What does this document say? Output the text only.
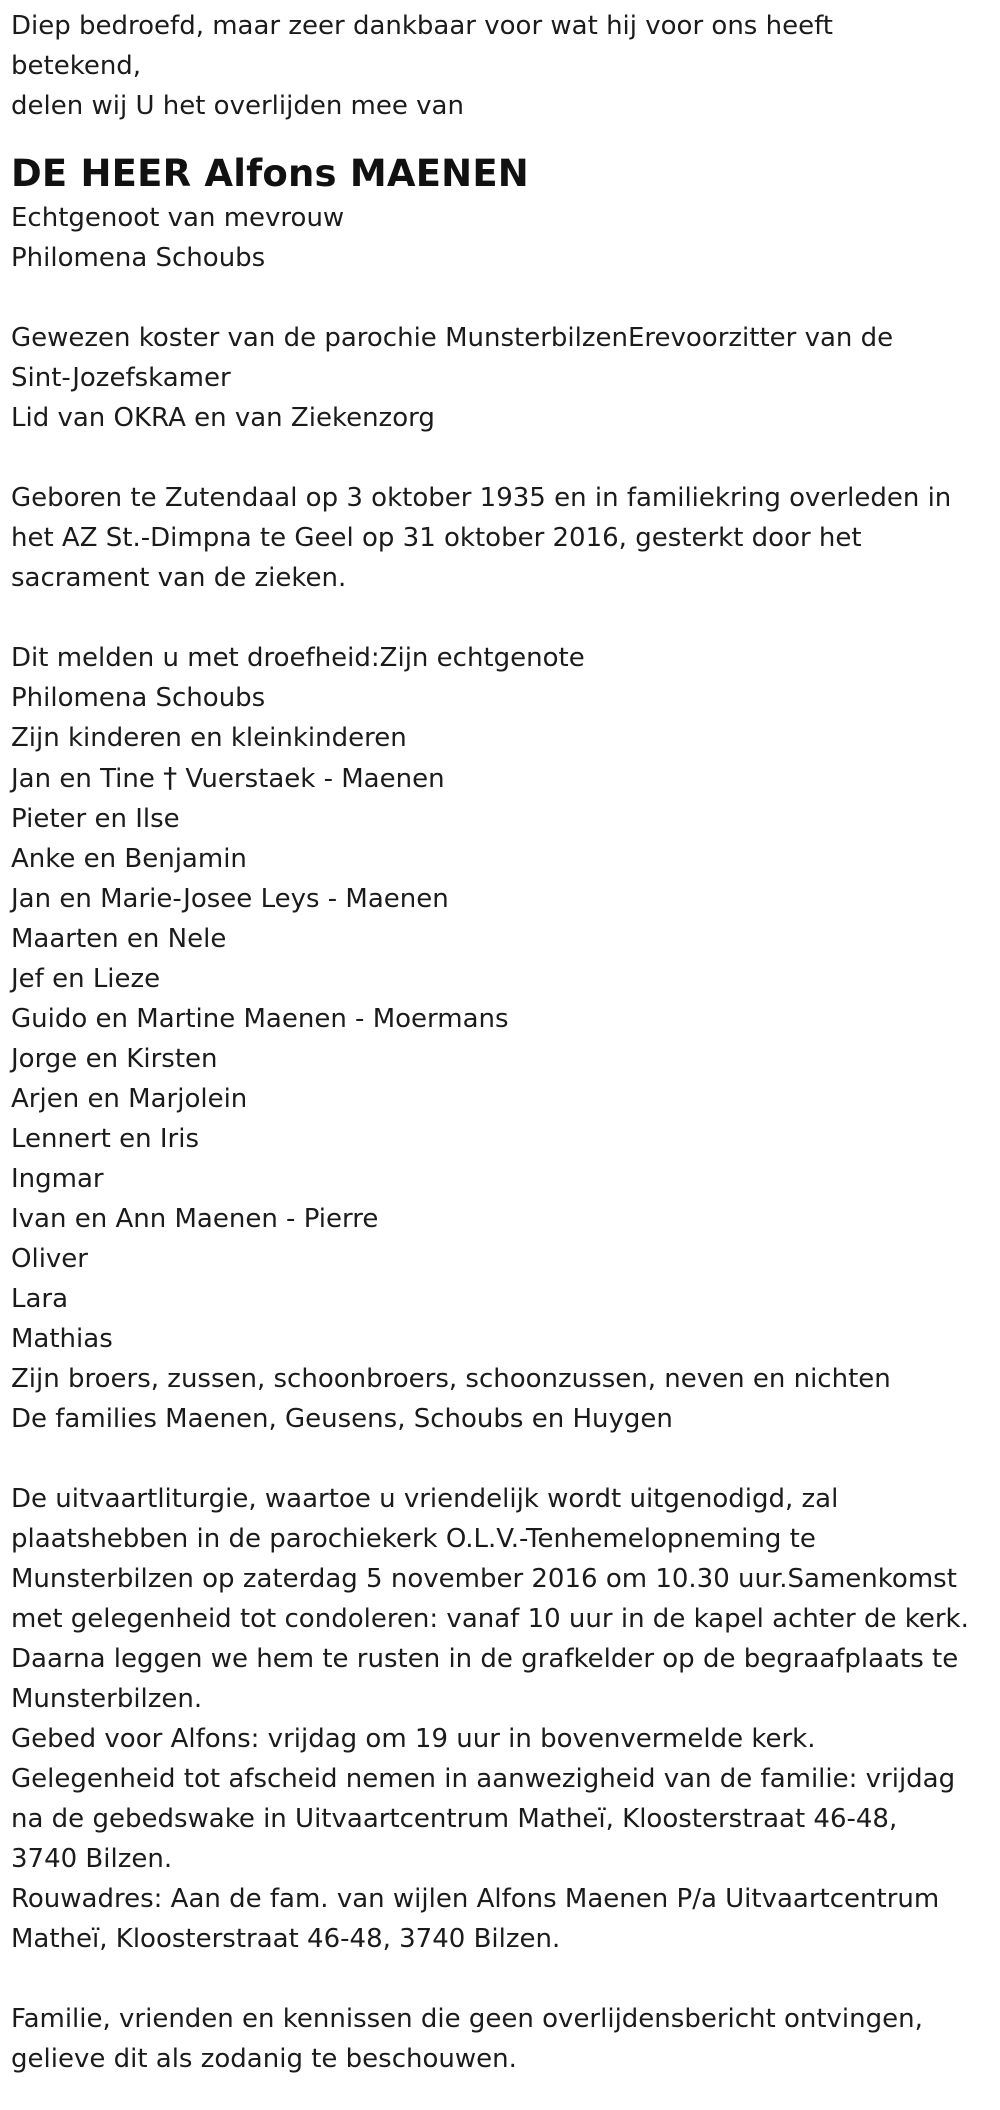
Diep bedroefd, maar zeer dankbaar voor wat hij voor ons heeft
betekend,
delen wij U het overlijden mee van
DE HEER Alfons MAENEN
Echtgenoot van mevrouw
Philomena Schoubs
Gewezen koster van de parochie MunsterbilzenErevoorzitter van de
Sint-Jozefskamer
Lid van OKRA en van Ziekenzorg
Geboren te Zutendaal op 3 oktober 1935 en in familiekring overleden in
het AZ St.-Dimpna te Geel op 31 oktober 2016, gesterkt door het
sacrament van de zieken.
Dit melden u met droefheid:Zijn echtgenote
Philomena Schoubs
Zijn kinderen en kleinkinderen
Jan en Tine † Vuerstaek - Maenen
Pieter en Ilse
Anke en Benjamin
Jan en Marie-Josee Leys - Maenen
Maarten en Nele
Jef en Lieze
Guido en Martine Maenen - Moermans
Jorge en Kirsten
Arjen en Marjolein
Lennert en Iris
Ingmar
Ivan en Ann Maenen - Pierre
Oliver
Lara
Mathias
Zijn broers, zussen, schoonbroers, schoonzussen, neven en nichten
De families Maenen, Geusens, Schoubs en Huygen
De uitvaartliturgie, waartoe u vriendelijk wordt uitgenodigd, zal
plaatshebben in de parochiekerk O.L.V.-Tenhemelopneming te
Munsterbilzen op zaterdag 5 november 2016 om 10.30 uur.Samenkomst
met gelegenheid tot condoleren: vanaf 10 uur in de kapel achter de kerk.
Daarna leggen we hem te rusten in de grafkelder op de begraafplaats te
Munsterbilzen.
Gebed voor Alfons: vrijdag om 19 uur in bovenvermelde kerk.
Gelegenheid tot afscheid nemen in aanwezigheid van de familie: vrijdag
na de gebedswake in Uitvaartcentrum Matheï, Kloosterstraat 46-48,
3740 Bilzen.
Rouwadres: Aan de fam. van wijlen Alfons Maenen P/a Uitvaartcentrum
Matheï, Kloosterstraat 46-48, 3740 Bilzen.
Familie, vrienden en kennissen die geen overlijdensbericht ontvingen,
gelieve dit als zodanig te beschouwen.
